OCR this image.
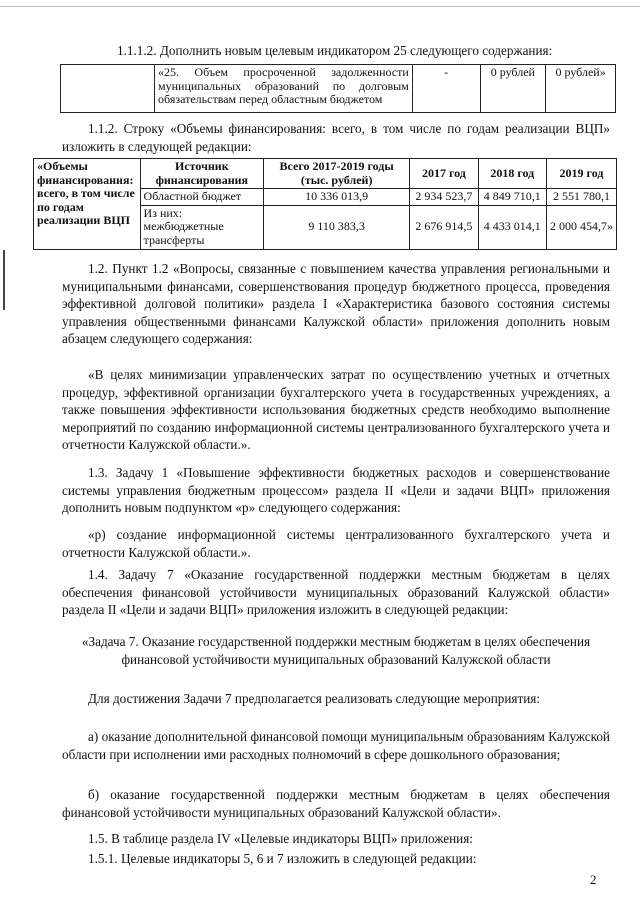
1.1.1.2. Дополнить новым целевым индикатором 25 следующего содержания:
	«25. Объем просроченной задолженности муниципальных образований по долговым обязательствам перед областным бюджетом	-	0 рублей	0 рублей»
1.1.2. Строку «Объемы финансирования: всего, в том числе по годам реализации ВЦП» изложить в следующей редакции:
«Объемы финансирования: всего, в том числе по годам реализации ВЦП	Источник финансирования	Всего 2017-2019 годы (тыс. рублей)	2017 год	2018 год	2019 год
	Областной бюджет	10 336 013,9	2 934 523,7	4 849 710,1	2 551 780,1
	Из них: межбюджетные трансферты	9 110 383,3	2 676 914,5	4 433 014,1	2 000 454,7»
1.2. Пункт 1.2 «Вопросы, связанные с повышением качества управления региональными и муниципальными финансами, совершенствования процедур бюджетного процесса, проведения эффективной долговой политики» раздела I «Характеристика базового состояния системы управления общественными финансами Калужской области» приложения дополнить новым абзацем следующего содержания:
«В целях минимизации управленческих затрат по осуществлению учетных и отчетных процедур, эффективной организации бухгалтерского учета в государственных учреждениях, а также повышения эффективности использования бюджетных средств необходимо выполнение мероприятий по созданию информационной системы централизованного бухгалтерского учета и отчетности Калужской области.».
1.3. Задачу 1 «Повышение эффективности бюджетных расходов и совершенствование системы управления бюджетным процессом» раздела II «Цели и задачи ВЦП» приложения дополнить новым подпунктом «р» следующего содержания:
«р) создание информационной системы централизованного бухгалтерского учета и отчетности Калужской области.».
1.4. Задачу 7 «Оказание государственной поддержки местным бюджетам в целях обеспечения финансовой устойчивости муниципальных образований Калужской области» раздела II «Цели и задачи ВЦП» приложения изложить в следующей редакции:
«Задача 7. Оказание государственной поддержки местным бюджетам в целях обеспечения финансовой устойчивости муниципальных образований Калужской области
Для достижения Задачи 7 предполагается реализовать следующие мероприятия:
а) оказание дополнительной финансовой помощи муниципальным образованиям Калужской области при исполнении ими расходных полномочий в сфере дошкольного образования;
б) оказание государственной поддержки местным бюджетам в целях обеспечения финансовой устойчивости муниципальных образований Калужской области».
1.5. В таблице раздела IV «Целевые индикаторы ВЦП» приложения:
1.5.1. Целевые индикаторы 5, 6 и 7 изложить в следующей редакции:
2
